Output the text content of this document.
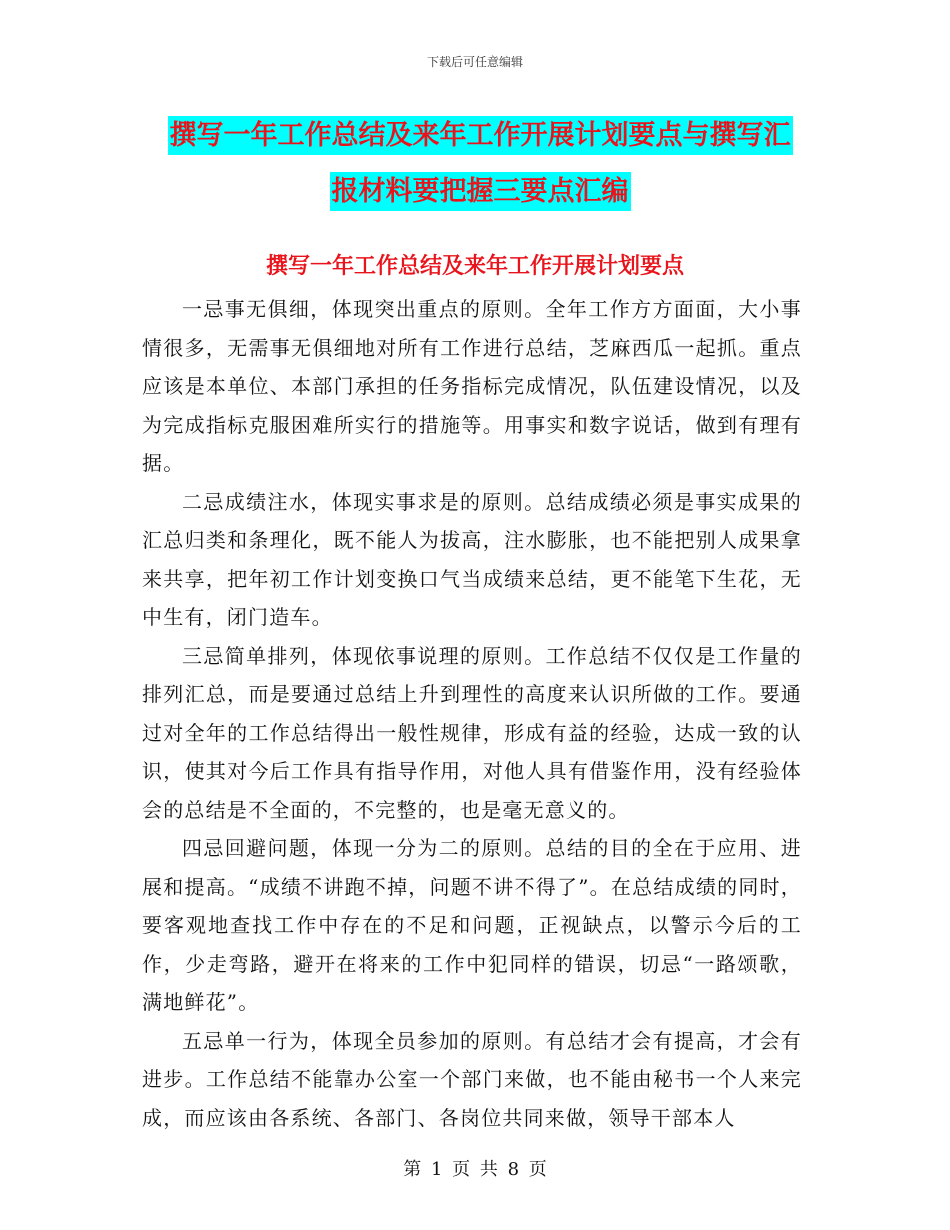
下载后可任意编辑
撰写一年工作总结及来年工作开展计划要点与撰写汇
报材料要把握三要点汇编
撰写一年工作总结及来年工作开展计划要点

一忌事无俱细，体现突出重点的原则。全年工作方方面面，大小事情很多，无需事无俱细地对所有工作进行总结，芝麻西瓜一起抓。重点应该是本单位、本部门承担的任务指标完成情况，队伍建设情况，以及为完成指标克服困难所实行的措施等。用事实和数字说话，做到有理有据。

二忌成绩注水，体现实事求是的原则。总结成绩必须是事实成果的汇总归类和条理化，既不能人为拔高，注水膨胀，也不能把别人成果拿来共享，把年初工作计划变换口气当成绩来总结，更不能笔下生花，无中生有，闭门造车。

三忌简单排列，体现依事说理的原则。工作总结不仅仅是工作量的排列汇总，而是要通过总结上升到理性的高度来认识所做的工作。要通过对全年的工作总结得出一般性规律，形成有益的经验，达成一致的认识，使其对今后工作具有指导作用，对他人具有借鉴作用，没有经验体会的总结是不全面的，不完整的，也是毫无意义的。

四忌回避问题，体现一分为二的原则。总结的目的全在于应用、进展和提高。“成绩不讲跑不掉，问题不讲不得了”。在总结成绩的同时，要客观地查找工作中存在的不足和问题，正视缺点，以警示今后的工作，少走弯路，避开在将来的工作中犯同样的错误，切忌“一路颂歌，满地鲜花”。

五忌单一行为，体现全员参加的原则。有总结才会有提高，才会有进步。工作总结不能靠办公室一个部门来做，也不能由秘书一个人来完成，而应该由各系统、各部门、各岗位共同来做，领导干部本人

第 1 页 共 8 页
